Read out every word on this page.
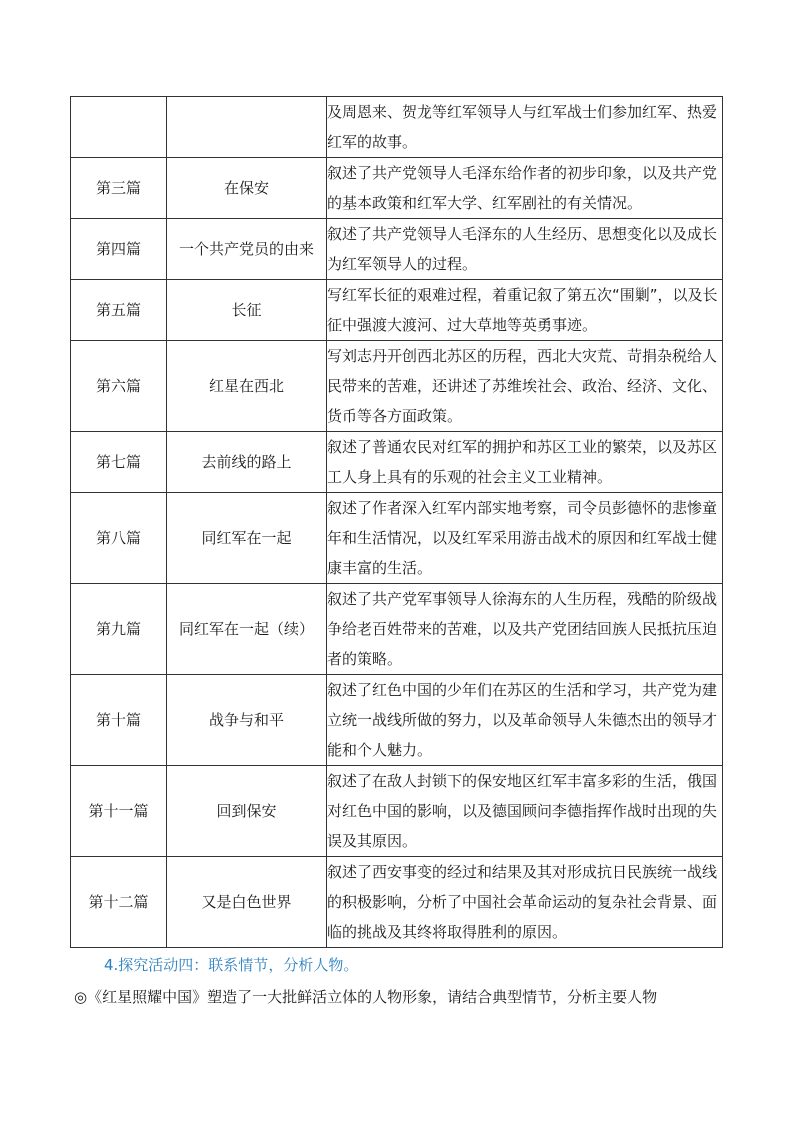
		及周恩来、贺龙等红军领导人与红军战士们参加红军、热爱红军的故事。
第三篇	在保安	叙述了共产党领导人毛泽东给作者的初步印象，以及共产党的基本政策和红军大学、红军剧社的有关情况。
第四篇	一个共产党员的由来	叙述了共产党领导人毛泽东的人生经历、思想变化以及成长为红军领导人的过程。
第五篇	长征	写红军长征的艰难过程，着重记叙了第五次“围剿”，以及长征中强渡大渡河、过大草地等英勇事迹。
第六篇	红星在西北	写刘志丹开创西北苏区的历程，西北大灾荒、苛捐杂税给人民带来的苦难，还讲述了苏维埃社会、政治、经济、文化、货币等各方面政策。
第七篇	去前线的路上	叙述了普通农民对红军的拥护和苏区工业的繁荣，以及苏区工人身上具有的乐观的社会主义工业精神。
第八篇	同红军在一起	叙述了作者深入红军内部实地考察，司令员彭德怀的悲惨童年和生活情况，以及红军采用游击战术的原因和红军战士健康丰富的生活。
第九篇	同红军在一起（续）	叙述了共产党军事领导人徐海东的人生历程，残酷的阶级战争给老百姓带来的苦难，以及共产党团结回族人民抵抗压迫者的策略。
第十篇	战争与和平	叙述了红色中国的少年们在苏区的生活和学习，共产党为建立统一战线所做的努力，以及革命领导人朱德杰出的领导才能和个人魅力。
第十一篇	回到保安	叙述了在敌人封锁下的保安地区红军丰富多彩的生活，俄国对红色中国的影响，以及德国顾问李德指挥作战时出现的失误及其原因。
第十二篇	又是白色世界	叙述了西安事变的经过和结果及其对形成抗日民族统一战线的积极影响，分析了中国社会革命运动的复杂社会背景、面临的挑战及其终将取得胜利的原因。
4.探究活动四：联系情节，分析人物。
◎《红星照耀中国》塑造了一大批鲜活立体的人物形象，请结合典型情节，分析主要人物
